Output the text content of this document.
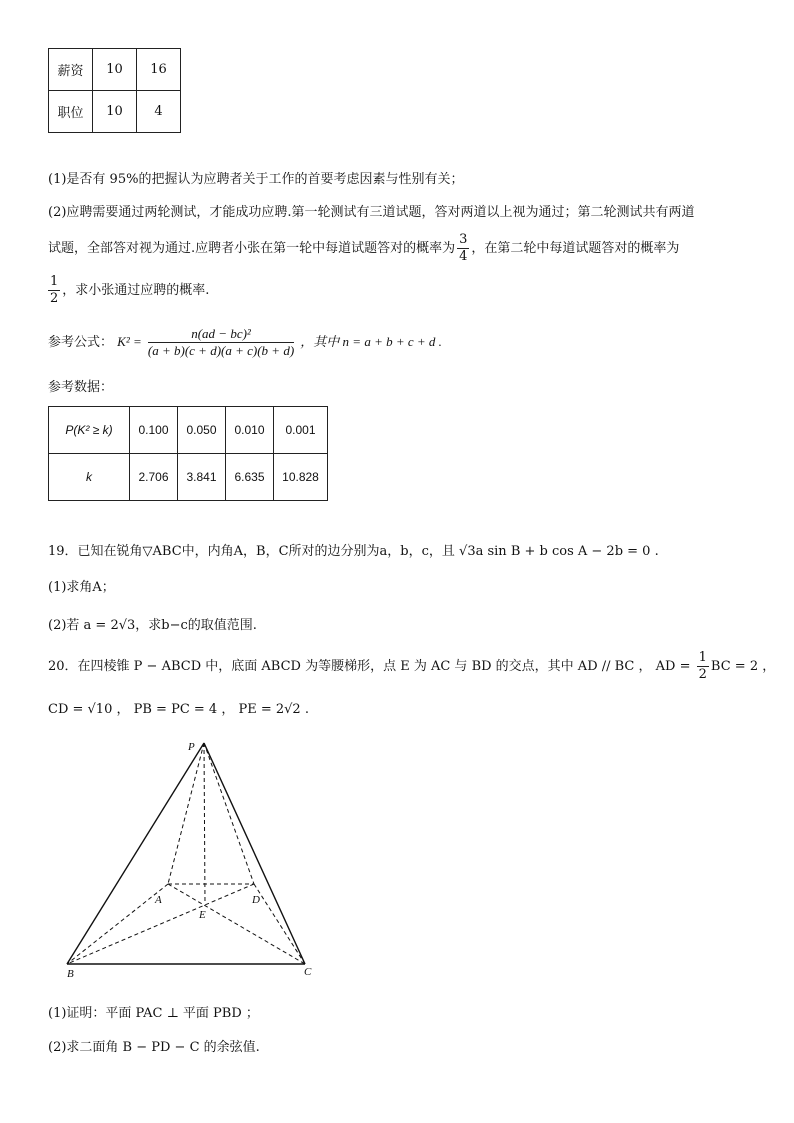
薪资	10	16
职位	10	4
(1)是否有 95%的把握认为应聘者关于工作的首要考虑因素与性别有关；
(2)应聘需要通过两轮测试，才能成功应聘.第一轮测试有三道试题，答对两道以上视为通过；第二轮测试共有两道
试题，全部答对视为通过.应聘者小张在第一轮中每道试题答对的概率为 $\frac{3}{4}$ ，在第二轮中每道试题答对的概率为
$\frac{1}{2}$ ，求小张通过应聘的概率.
参考公式： $K^2 = \frac{\text{n(ad − bc)²}}{(a + b)(c + d)(a + c)(b + d)}$ ，其中 n = a + b + c + d .
参考数据：
P(K² ≥ k)	0.100	0.050	0.010	0.001
k	2.706	3.841	6.635	10.828
19．已知在锐角▽ABC中，内角A，B，C所对的边分别为a，b，c，且 √3a sin B + b cos A − 2b = 0 .
(1)求角A；
(2)若 a = 2√3，求b−c的取值范围.
20．在四棱锥 P − ABCD 中，底面 ABCD 为等腰梯形，点 E 为 AC 与 BD 的交点，其中 AD // BC ， AD = $\frac{1}{2}$ BC = 2 ，
CD = √10 ， PB = PC = 4 ， PE = 2√2 .
P
A	D
E
B	C
(1)证明：平面 PAC ⊥ 平面 PBD ；
(2)求二面角 B − PD − C 的余弦值.
